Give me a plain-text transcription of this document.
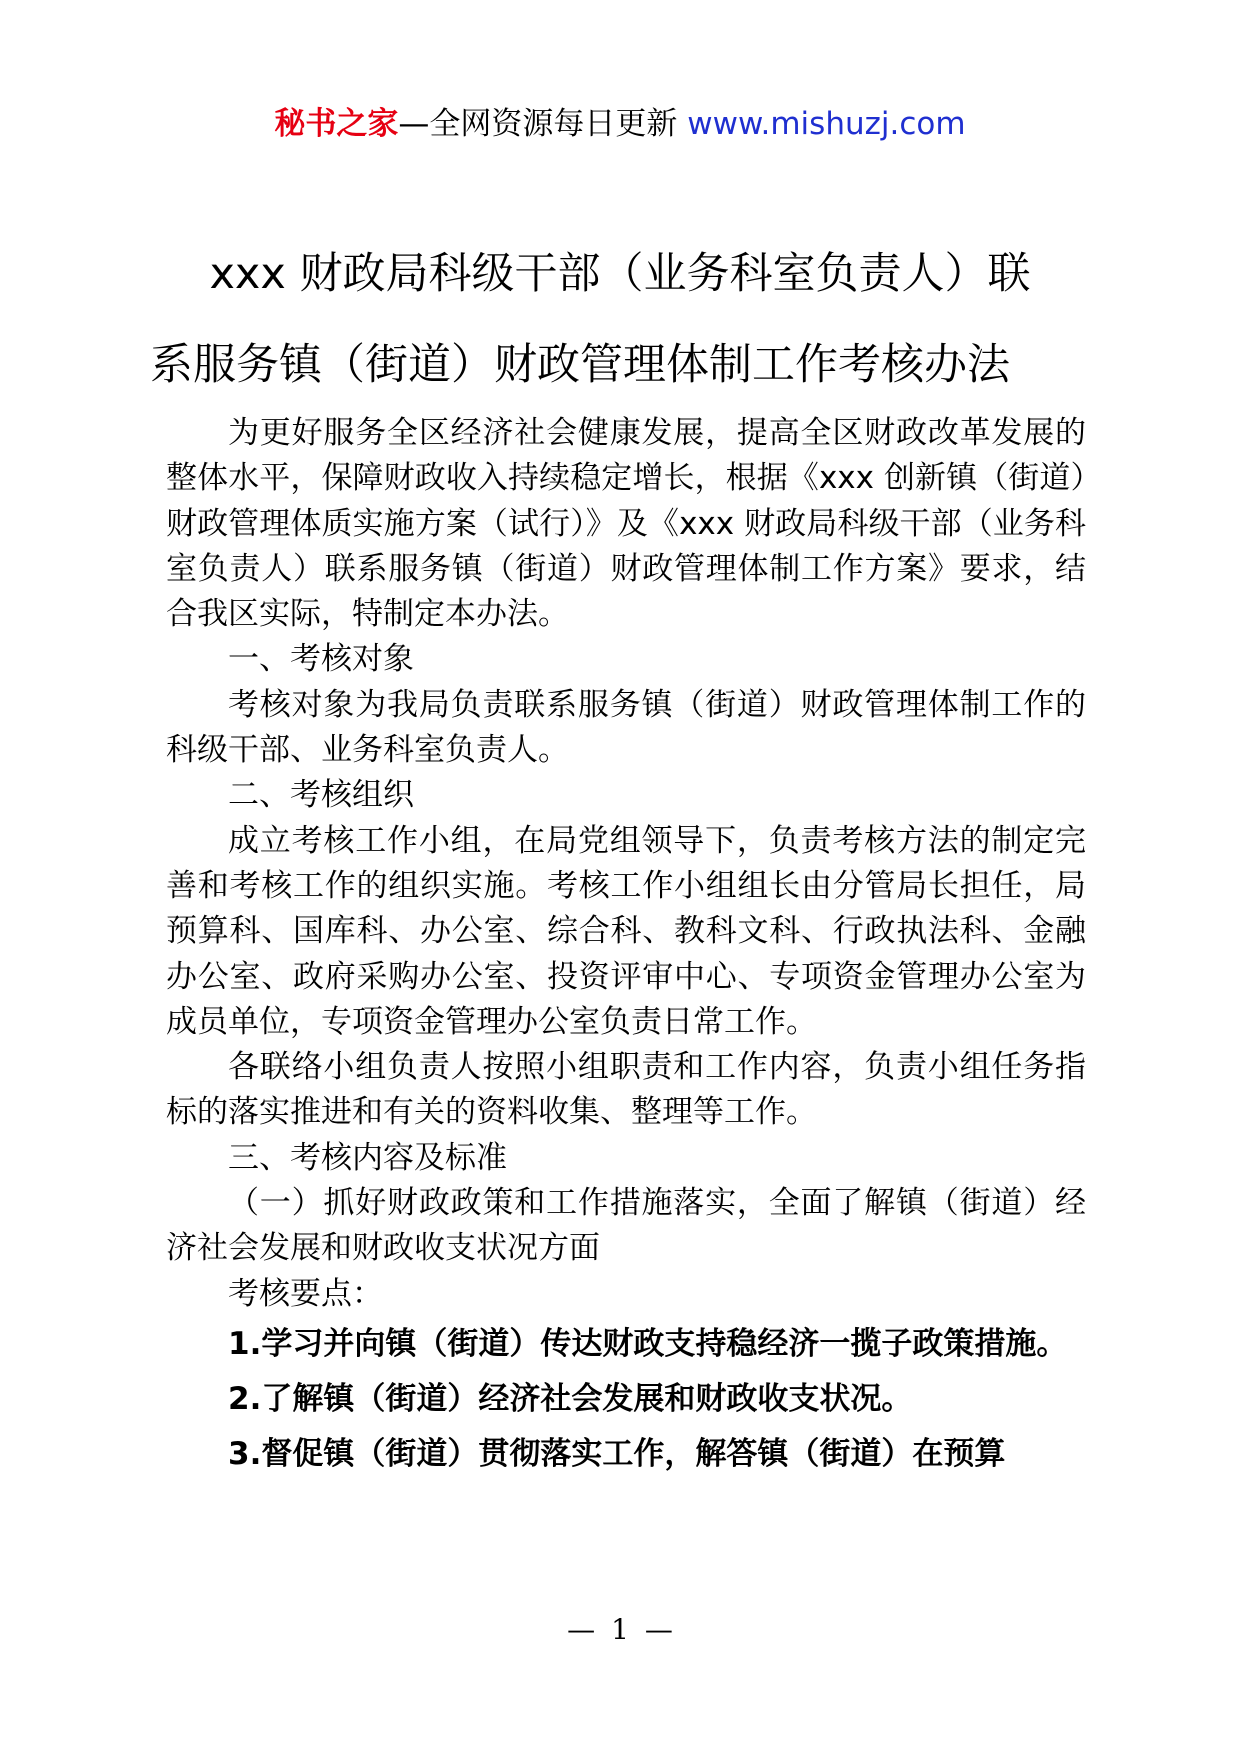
秘书之家—全网资源每日更新 www.mishuzj.com
xxx 财政局科级干部（业务科室负责人）联
系服务镇（街道）财政管理体制工作考核办法

为更好服务全区经济社会健康发展，提高全区财政改革发展的整体水平，保障财政收入持续稳定增长，根据《xxx 创新镇（街道）财政管理体质实施方案（试行）》及《xxx 财政局科级干部（业务科室负责人）联系服务镇（街道）财政管理体制工作方案》要求，结合我区实际，特制定本办法。

一、考核对象

考核对象为我局负责联系服务镇（街道）财政管理体制工作的科级干部、业务科室负责人。

二、考核组织

成立考核工作小组，在局党组领导下，负责考核方法的制定完善和考核工作的组织实施。考核工作小组组长由分管局长担任，局预算科、国库科、办公室、综合科、教科文科、行政执法科、金融办公室、政府采购办公室、投资评审中心、专项资金管理办公室为成员单位，专项资金管理办公室负责日常工作。

各联络小组负责人按照小组职责和工作内容，负责小组任务指标的落实推进和有关的资料收集、整理等工作。

三、考核内容及标准

（一）抓好财政政策和工作措施落实，全面了解镇（街道）经济社会发展和财政收支状况方面

考核要点：

1.学习并向镇（街道）传达财政支持稳经济一揽子政策措施。

2.了解镇（街道）经济社会发展和财政收支状况。

3.督促镇（街道）贯彻落实工作，解答镇（街道）在预算

— 1 —
